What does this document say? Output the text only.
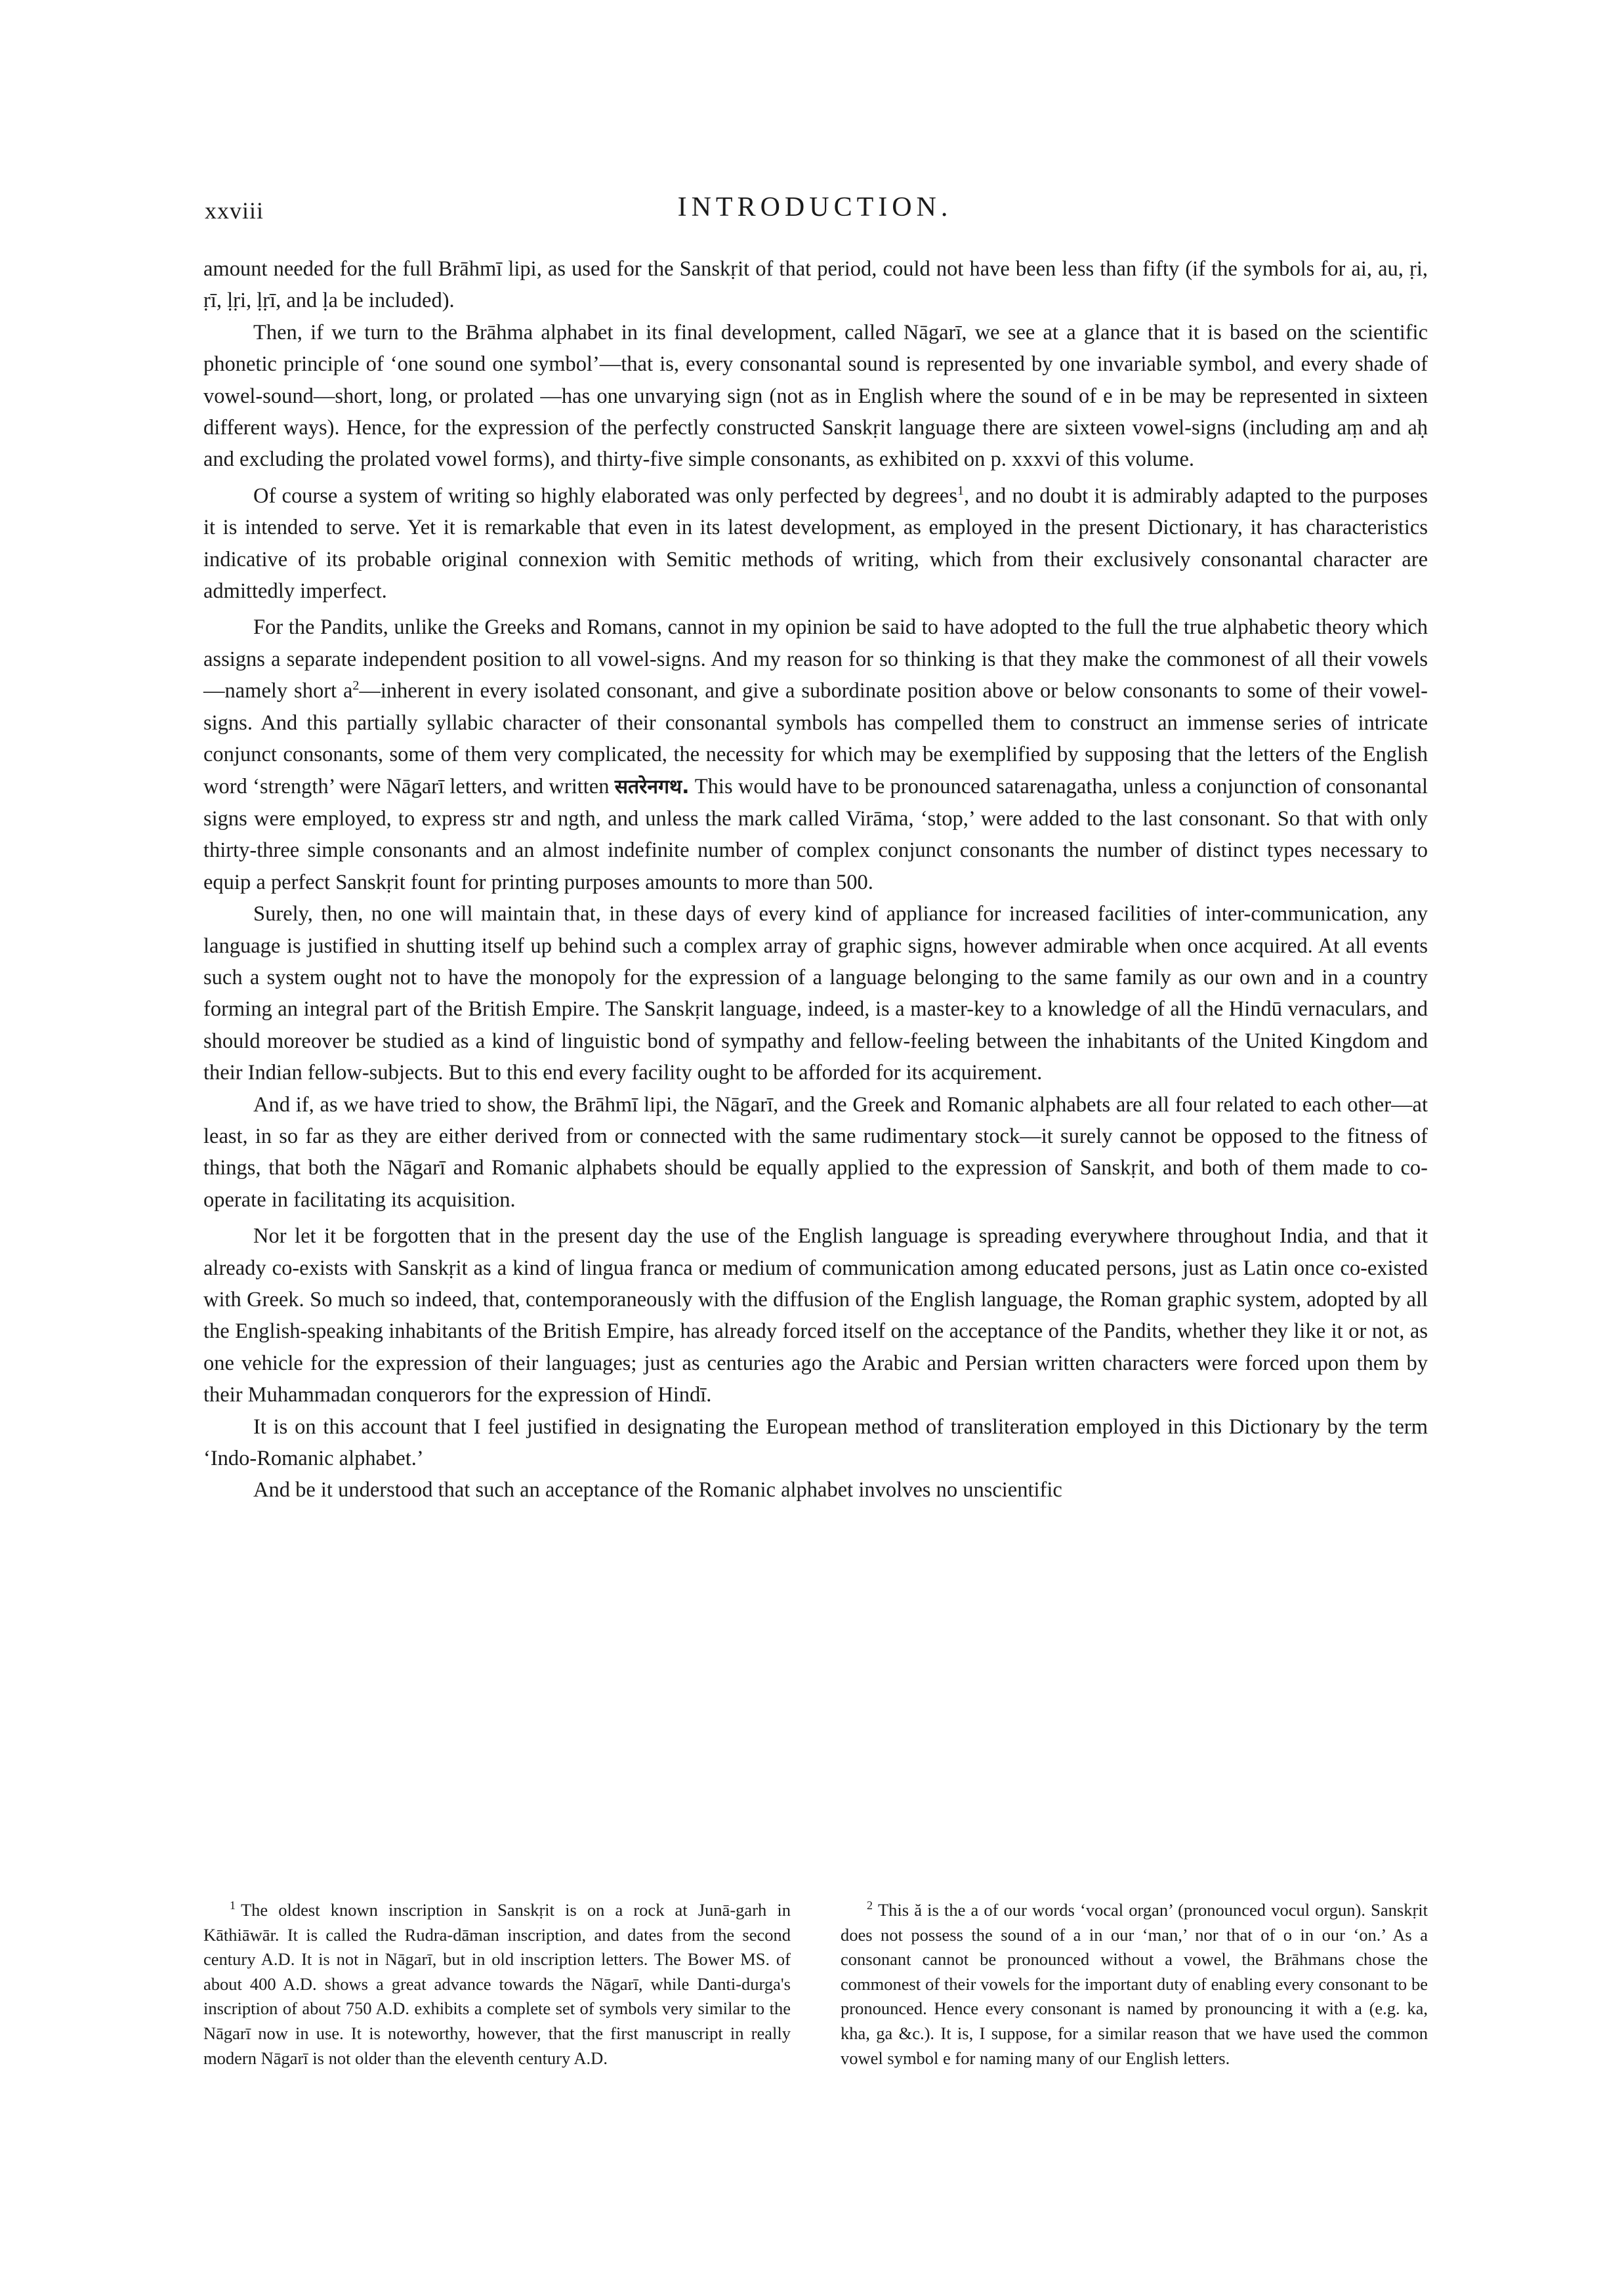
xxviii	INTRODUCTION.

amount needed for the full Brāhmī lipi, as used for the Sanskṛit of that period, could not have been less than fifty (if the symbols for ai, au, ṛi, ṛī, ḷṛi, ḷṛī, and ḷa be included).

Then, if we turn to the Brāhma alphabet in its final development, called Nāgarī, we see at a glance that it is based on the scientific phonetic principle of ‘one sound one symbol’—that is, every consonantal sound is represented by one invariable symbol, and every shade of vowel-sound—short, long, or prolated —has one unvarying sign (not as in English where the sound of e in be may be represented in sixteen different ways). Hence, for the expression of the perfectly constructed Sanskṛit language there are sixteen vowel-signs (including aṃ and aḥ and excluding the prolated vowel forms), and thirty-five simple consonants, as exhibited on p. xxxvi of this volume.

Of course a system of writing so highly elaborated was only perfected by degrees$^1$, and no doubt it is admirably adapted to the purposes it is intended to serve. Yet it is remarkable that even in its latest development, as employed in the present Dictionary, it has characteristics indicative of its probable original connexion with Semitic methods of writing, which from their exclusively consonantal character are admittedly imperfect.

For the Pandits, unlike the Greeks and Romans, cannot in my opinion be said to have adopted to the full the true alphabetic theory which assigns a separate independent position to all vowel-signs. And my reason for so thinking is that they make the commonest of all their vowels—namely short $a^2—inherent$ in every isolated consonant, and give a subordinate position above or below consonants to some of their vowel-signs. And this partially syllabic character of their consonantal symbols has compelled them to construct an immense series of intricate conjunct consonants, some of them very complicated, the necessity for which may be exemplified by supposing that the letters of the English word ‘strength’ were Nāgarī letters, and written सतरेनगथ. This would have to be pronounced satarenagatha, unless a conjunction of consonantal signs were employed, to express str and ngth, and unless the mark called Virāma, ‘stop,’ were added to the last consonant. So that with only thirty-three simple consonants and an almost indefinite number of complex conjunct consonants the number of distinct types necessary to equip a perfect Sanskṛit fount for printing purposes amounts to more than 500.

Surely, then, no one will maintain that, in these days of every kind of appliance for increased facilities of inter-communication, any language is justified in shutting itself up behind such a complex array of graphic signs, however admirable when once acquired. At all events such a system ought not to have the monopoly for the expression of a language belonging to the same family as our own and in a country forming an integral part of the British Empire. The Sanskṛit language, indeed, is a master-key to a knowledge of all the Hindū vernaculars, and should moreover be studied as a kind of linguistic bond of sympathy and fellow-feeling between the inhabitants of the United Kingdom and their Indian fellow-subjects. But to this end every facility ought to be afforded for its acquirement.

And if, as we have tried to show, the Brāhmī lipi, the Nāgarī, and the Greek and Romanic alphabets are all four related to each other—at least, in so far as they are either derived from or connected with the same rudimentary stock—it surely cannot be opposed to the fitness of things, that both the Nāgarī and Romanic alphabets should be equally applied to the expression of Sanskṛit, and both of them made to co-operate in facilitating its acquisition.

Nor let it be forgotten that in the present day the use of the English language is spreading everywhere throughout India, and that it already co-exists with Sanskṛit as a kind of lingua franca or medium of communication among educated persons, just as Latin once co-existed with Greek. So much so indeed, that, contemporaneously with the diffusion of the English language, the Roman graphic system, adopted by all the English-speaking inhabitants of the British Empire, has already forced itself on the acceptance of the Pandits, whether they like it or not, as one vehicle for the expression of their languages; just as centuries ago the Arabic and Persian written characters were forced upon them by their Muhammadan conquerors for the expression of Hindī.

It is on this account that I feel justified in designating the European method of transliteration employed in this Dictionary by the term ‘Indo-Romanic alphabet.’

And be it understood that such an acceptance of the Romanic alphabet involves no unscientific

$^1$ The oldest known inscription in Sanskṛit is on a rock at Junā-garh in Kāthiāwār. It is called the Rudra-dāman inscription, and dates from the second century A.D. It is not in Nāgarī, but in old inscription letters. The Bower MS. of about 400 A.D. shows a great advance towards the Nāgarī, while Danti-durga's inscription of about 750 A.D. exhibits a complete set of symbols very similar to the Nāgarī now in use. It is noteworthy, however, that the first manuscript in really modern Nāgarī is not older than the eleventh century A.D.

$^2$ This ă is the a of our words ‘vocal organ’ (pronounced vocul orgun). Sanskṛit does not possess the sound of a in our ‘man,’ nor that of o in our ‘on.’ As a consonant cannot be pronounced without a vowel, the Brāhmans chose the commonest of their vowels for the important duty of enabling every consonant to be pronounced. Hence every consonant is named by pronouncing it with a (e.g. ka, kha, ga &c.). It is, I suppose, for a similar reason that we have used the common vowel symbol e for naming many of our English letters.
